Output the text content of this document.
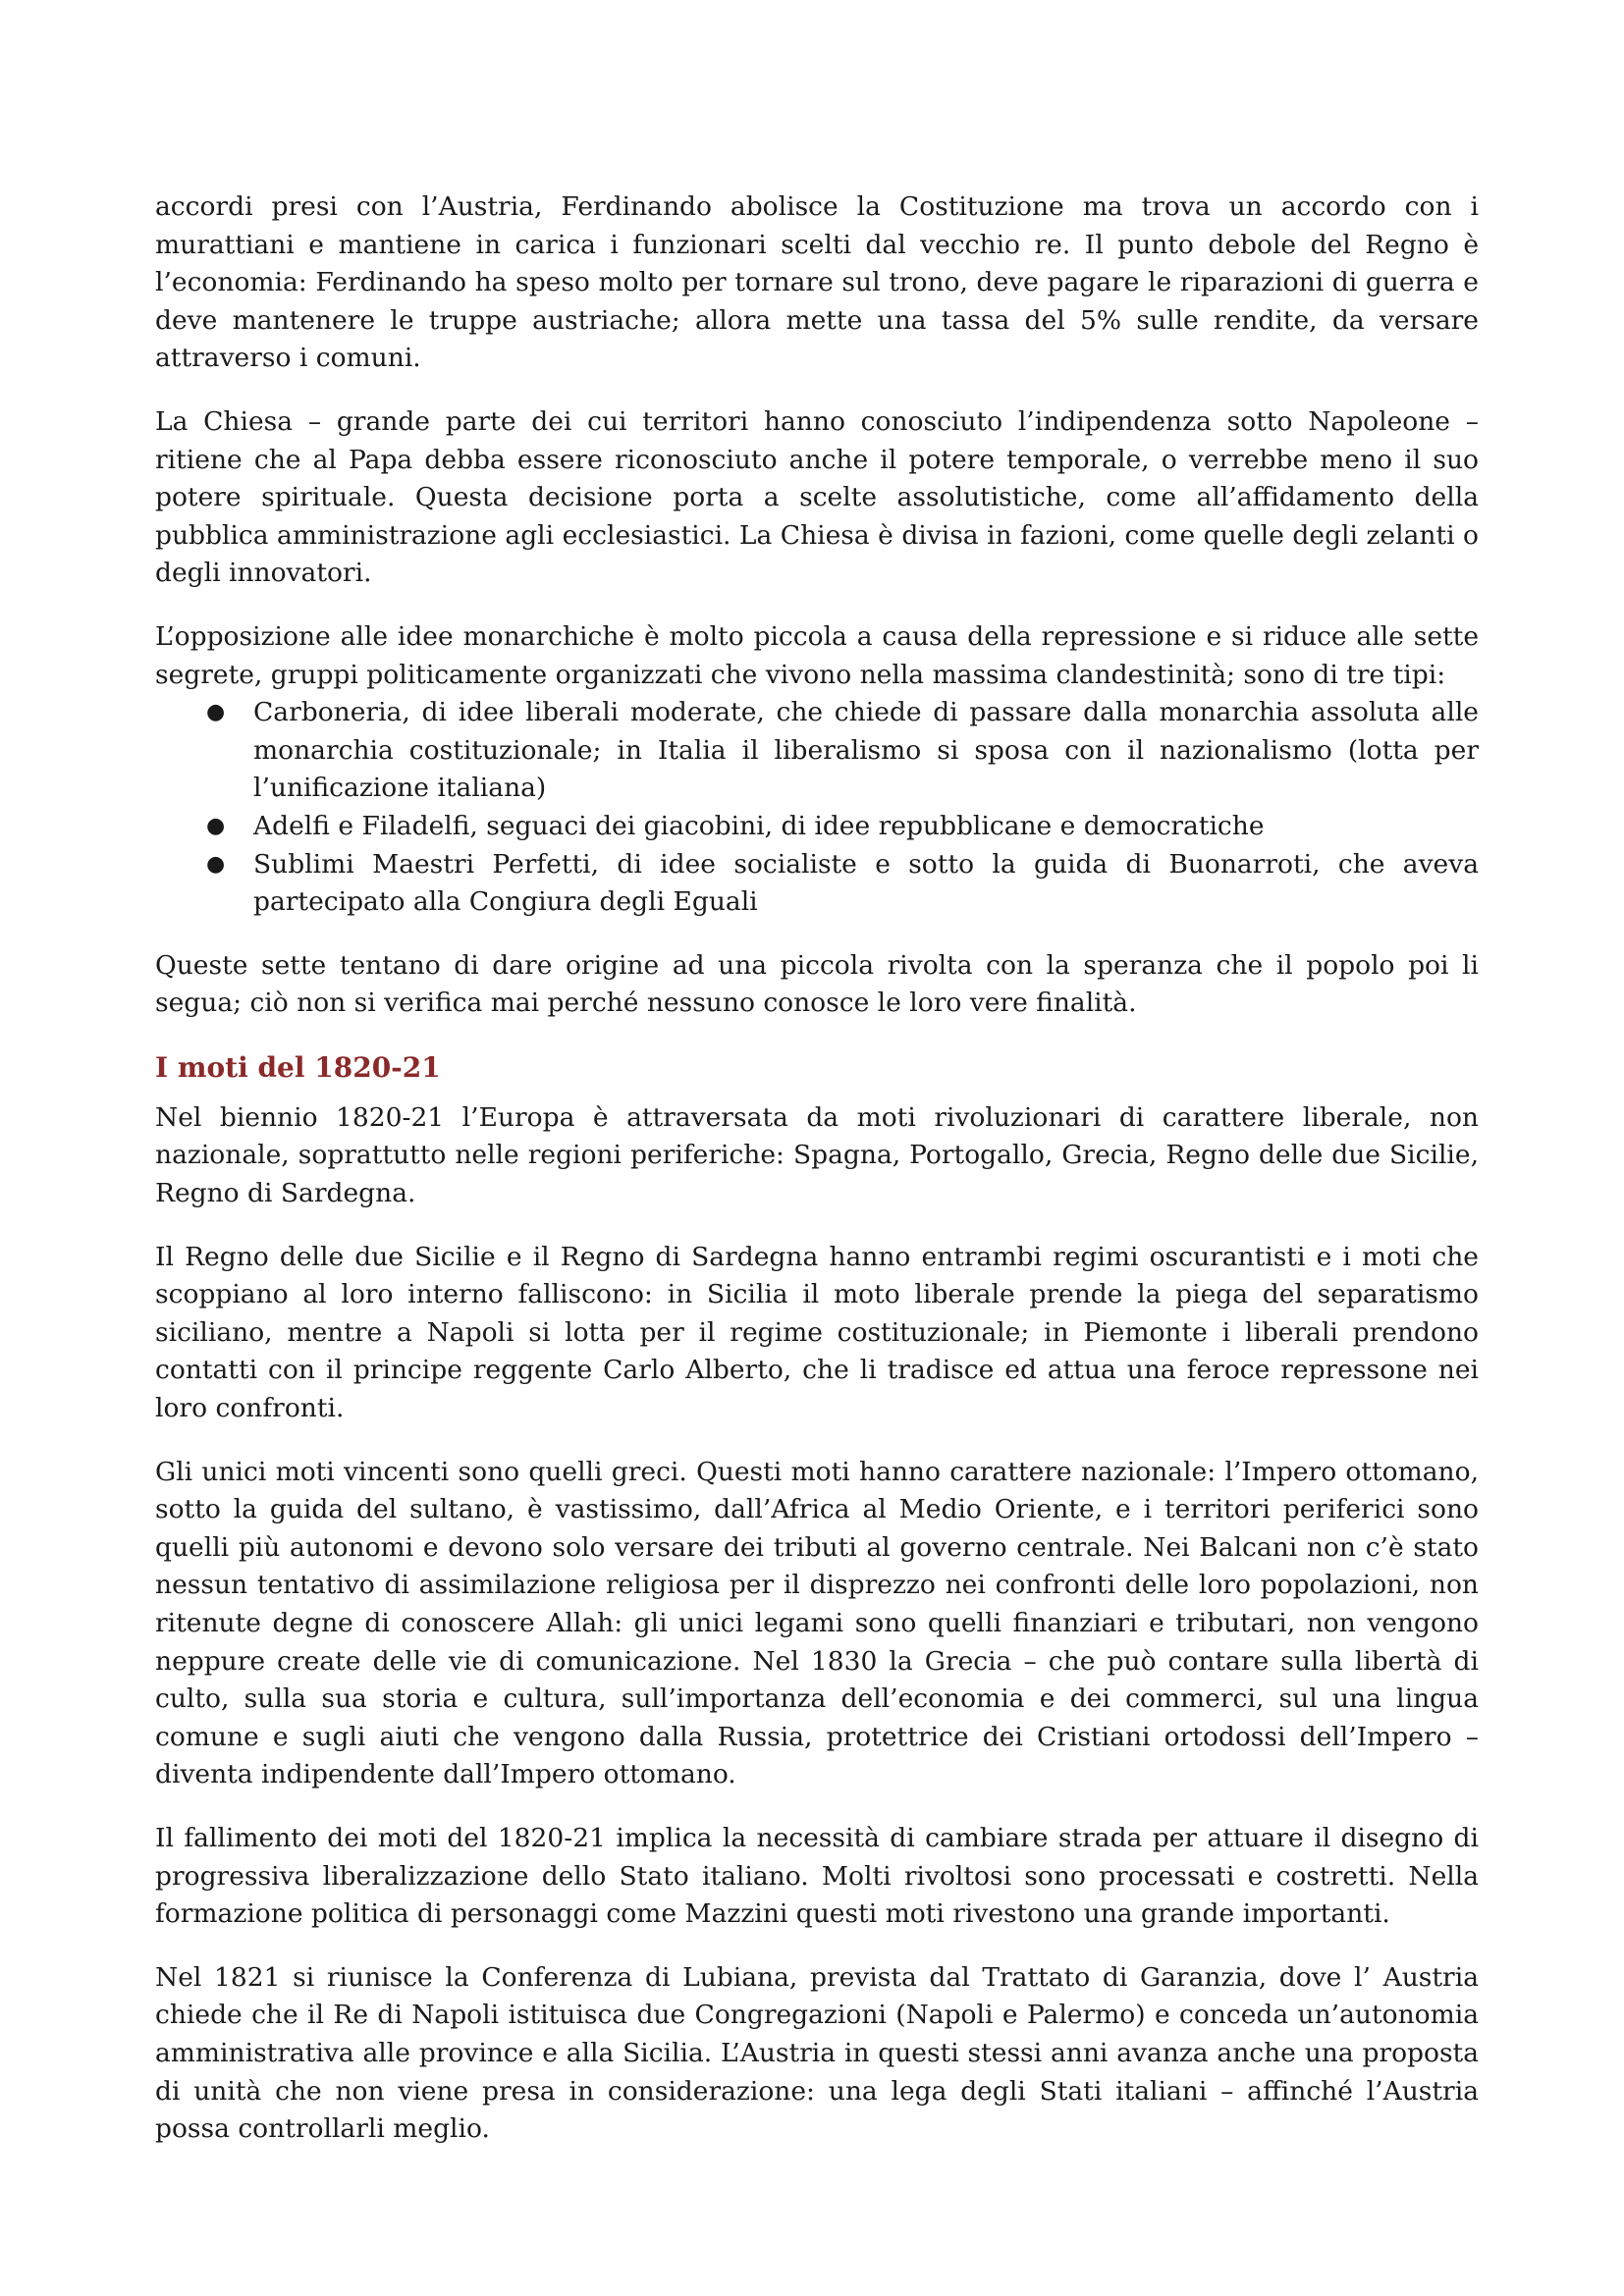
accordi presi con l’Austria, Ferdinando abolisce la Costituzione ma trova un accordo con i murattiani e mantiene in carica i funzionari scelti dal vecchio re. Il punto debole del Regno è l’economia: Ferdinando ha speso molto per tornare sul trono, deve pagare le riparazioni di guerra e deve mantenere le truppe austriache; allora mette una tassa del 5% sulle rendite, da versare attraverso i comuni.

La Chiesa – grande parte dei cui territori hanno conosciuto l’indipendenza sotto Napoleone – ritiene che al Papa debba essere riconosciuto anche il potere temporale, o verrebbe meno il suo potere spirituale. Questa decisione porta a scelte assolutistiche, come all’affidamento della pubblica amministrazione agli ecclesiastici. La Chiesa è divisa in fazioni, come quelle degli zelanti o degli innovatori.

L’opposizione alle idee monarchiche è molto piccola a causa della repressione e si riduce alle sette segrete, gruppi politicamente organizzati che vivono nella massima clandestinità; sono di tre tipi:

● Carboneria, di idee liberali moderate, che chiede di passare dalla monarchia assoluta alle monarchia costituzionale; in Italia il liberalismo si sposa con il nazionalismo (lotta per l’unificazione italiana)
● Adelfi e Filadelfi, seguaci dei giacobini, di idee repubblicane e democratiche
● Sublimi Maestri Perfetti, di idee socialiste e sotto la guida di Buonarroti, che aveva partecipato alla Congiura degli Eguali

Queste sette tentano di dare origine ad una piccola rivolta con la speranza che il popolo poi li segua; ciò non si verifica mai perché nessuno conosce le loro vere finalità.

I moti del 1820-21

Nel biennio 1820-21 l’Europa è attraversata da moti rivoluzionari di carattere liberale, non nazionale, soprattutto nelle regioni periferiche: Spagna, Portogallo, Grecia, Regno delle due Sicilie, Regno di Sardegna.

Il Regno delle due Sicilie e il Regno di Sardegna hanno entrambi regimi oscurantisti e i moti che scoppiano al loro interno falliscono: in Sicilia il moto liberale prende la piega del separatismo siciliano, mentre a Napoli si lotta per il regime costituzionale; in Piemonte i liberali prendono contatti con il principe reggente Carlo Alberto, che li tradisce ed attua una feroce repressone nei loro confronti.

Gli unici moti vincenti sono quelli greci. Questi moti hanno carattere nazionale: l’Impero ottomano, sotto la guida del sultano, è vastissimo, dall’Africa al Medio Oriente, e i territori periferici sono quelli più autonomi e devono solo versare dei tributi al governo centrale. Nei Balcani non c’è stato nessun tentativo di assimilazione religiosa per il disprezzo nei confronti delle loro popolazioni, non ritenute degne di conoscere Allah: gli unici legami sono quelli finanziari e tributari, non vengono neppure create delle vie di comunicazione. Nel 1830 la Grecia – che può contare sulla libertà di culto, sulla sua storia e cultura, sull’importanza dell’economia e dei commerci, sul una lingua comune e sugli aiuti che vengono dalla Russia, protettrice dei Cristiani ortodossi dell’Impero – diventa indipendente dall’Impero ottomano.

Il fallimento dei moti del 1820-21 implica la necessità di cambiare strada per attuare il disegno di progressiva liberalizzazione dello Stato italiano. Molti rivoltosi sono processati e costretti. Nella formazione politica di personaggi come Mazzini questi moti rivestono una grande importanti.

Nel 1821 si riunisce la Conferenza di Lubiana, prevista dal Trattato di Garanzia, dove l’ Austria chiede che il Re di Napoli istituisca due Congregazioni (Napoli e Palermo) e conceda un’autonomia amministrativa alle province e alla Sicilia. L’Austria in questi stessi anni avanza anche una proposta di unità che non viene presa in considerazione: una lega degli Stati italiani – affinché l’Austria possa controllarli meglio.
